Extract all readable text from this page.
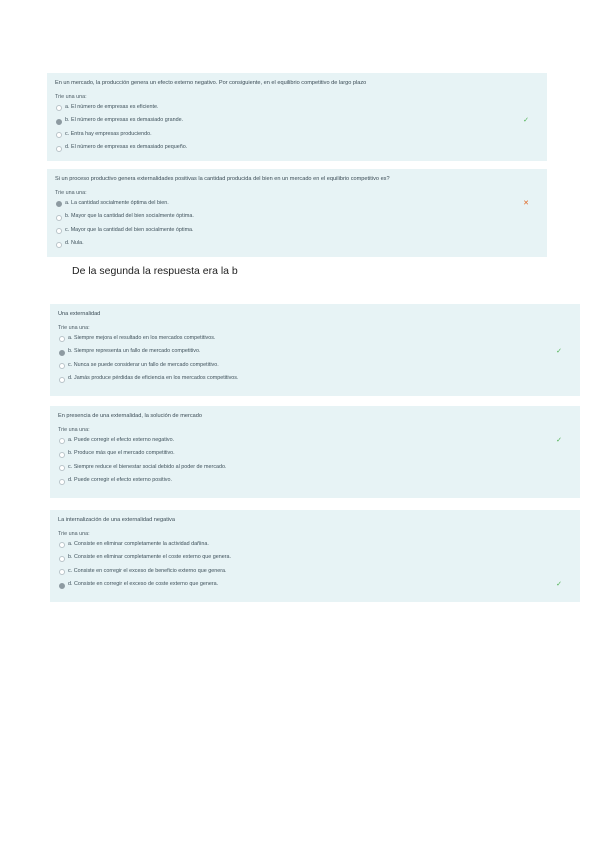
En un mercado, la producción genera un efecto externo negativo. Por consiguiente, en el equilibrio competitivo de largo plazo
Trie una una:
a. El número de empresas es eficiente.
b. El número de empresas es demasiado grande.	✓
c. Entra hay empresas produciendo.
d. El número de empresas es demasiado pequeño.
Si un proceso productivo genera externalidades positivas la cantidad producida del bien en un mercado en el equilibrio competitivo es?
Trie una una:
a. La cantidad socialmente óptima del bien.	✕
b. Mayor que la cantidad del bien socialmente óptima.
c. Mayor que la cantidad del bien socialmente óptima.
d. Nula.
De la segunda la respuesta era la b
Una externalidad
Trie una una:
a. Siempre mejora el resultado en los mercados competitivos.
b. Siempre representa un fallo de mercado competitivo.	✓
c. Nunca se puede considerar un fallo de mercado competitivo.
d. Jamás produce pérdidas de eficiencia en los mercados competitivos.
En presencia de una externalidad, la solución de mercado
Trie una una:
a. Puede corregir el efecto externo negativo.	✓
b. Produce más que el mercado competitivo.
c. Siempre reduce el bienestar social debido al poder de mercado.
d. Puede corregir el efecto externo positivo.
La internalización de una externalidad negativa
Trie una una:
a. Consiste en eliminar completamente la actividad dañina.
b. Consiste en eliminar completamente el coste externo que genera.
c. Consiste en corregir el exceso de beneficio externo que genera.
d. Consiste en corregir el exceso de coste externo que genera.	✓
